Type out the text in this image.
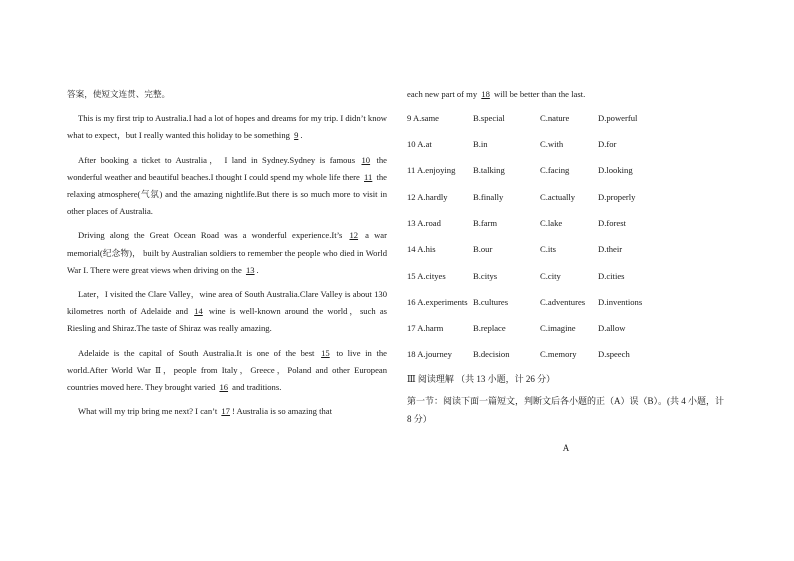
答案，使短文连贯、完整。

This is my first trip to Australia.I had a lot of hopes and dreams for my trip. I didn’t know what to expect，but I really wanted this holiday to be something 9 .

After booking a ticket to Australia， I land in Sydney.Sydney is famous 10 the wonderful weather and beautiful beaches.I thought I could spend my whole life there 11 the relaxing atmosphere(气氛) and the amazing nightlife.But there is so much more to visit in other places of Australia.

Driving along the Great Ocean Road was a wonderful experience.It’s 12 a war memorial(纪念物)， built by Australian soldiers to remember the people who died in World War I. There were great views when driving on the 13 .

Later，I visited the Clare Valley，wine area of South Australia.Clare Valley is about 130 kilometres north of Adelaide and 14 wine is well-known around the world，such as Riesling and Shiraz.The taste of Shiraz was really amazing.

Adelaide is the capital of South Australia.It is one of the best 15 to live in the world.After World War Ⅱ，people from Italy，Greece，Poland and other European countries moved here. They brought varied 16 and traditions.

What will my trip bring me next? I can’t 17 ! Australia is so amazing that

each new part of my 18 will be better than the last.

9 A.same	B.special	C.nature	D.powerful
10 A.at	B.in	C.with	D.for
11 A.enjoying B.talking	C.facing	D.looking
12 A.hardly	B.finally	C.actually	D.properly
13 A.road	B.farm	C.lake	D.forest
14 A.his	B.our	C.its	D.their
15 A.cityes	B.citys	C.city	D.cities
16 A.experiments B.cultures	C.adventures D.inventions
17 A.harm	B.replace	C.imagine	D.allow
18 A.journey B.decision	C.memory D.speech
Ⅲ 阅读理解 （共 13 小题，计 26 分）
第一节：阅读下面一篇短文，判断文后各小题的正（A）误（B）。(共 4 小题，计 8 分）
A
